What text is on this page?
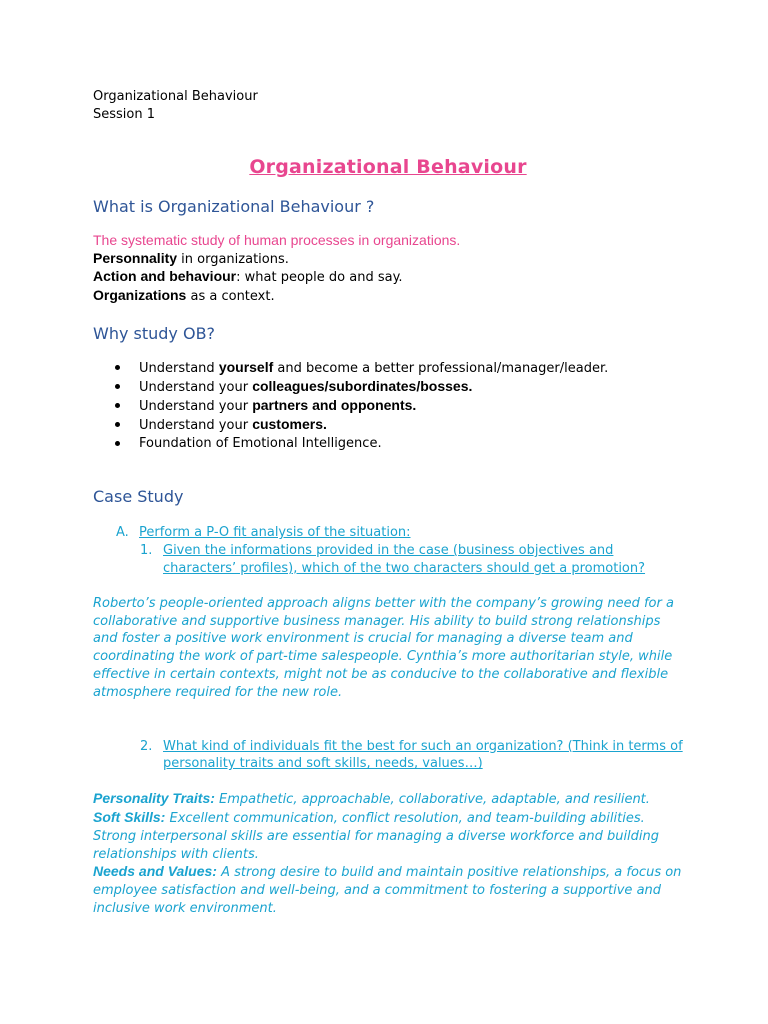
Organizational Behaviour
Session 1
Organizational Behaviour
What is Organizational Behaviour ?

The systematic study of human processes in organizations.

Personnality in organizations.

Action and behaviour: what people do and say.

Organizations as a context.

Why study OB?
Understand yourself and become a better professional/manager/leader.
Understand your colleagues/subordinates/bosses.
Understand your partners and opponents.
Understand your customers.
Foundation of Emotional Intelligence.
Case Study
A. Perform a P-O fit analysis of the situation:
1. Given the informations provided in the case (business objectives and characters’ profiles), which of the two characters should get a promotion?

Roberto’s people-oriented approach aligns better with the company’s growing need for a collaborative and supportive business manager. His ability to build strong relationships and foster a positive work environment is crucial for managing a diverse team and coordinating the work of part-time salespeople. Cynthia’s more authoritarian style, while effective in certain contexts, might not be as conducive to the collaborative and flexible atmosphere required for the new role.

2. What kind of individuals fit the best for such an organization? (Think in terms of personality traits and soft skills, needs, values…)

Personality Traits: Empathetic, approachable, collaborative, adaptable, and resilient.

Soft Skills: Excellent communication, conflict resolution, and team-building abilities. Strong interpersonal skills are essential for managing a diverse workforce and building relationships with clients.

Needs and Values: A strong desire to build and maintain positive relationships, a focus on employee satisfaction and well-being, and a commitment to fostering a supportive and inclusive work environment.
